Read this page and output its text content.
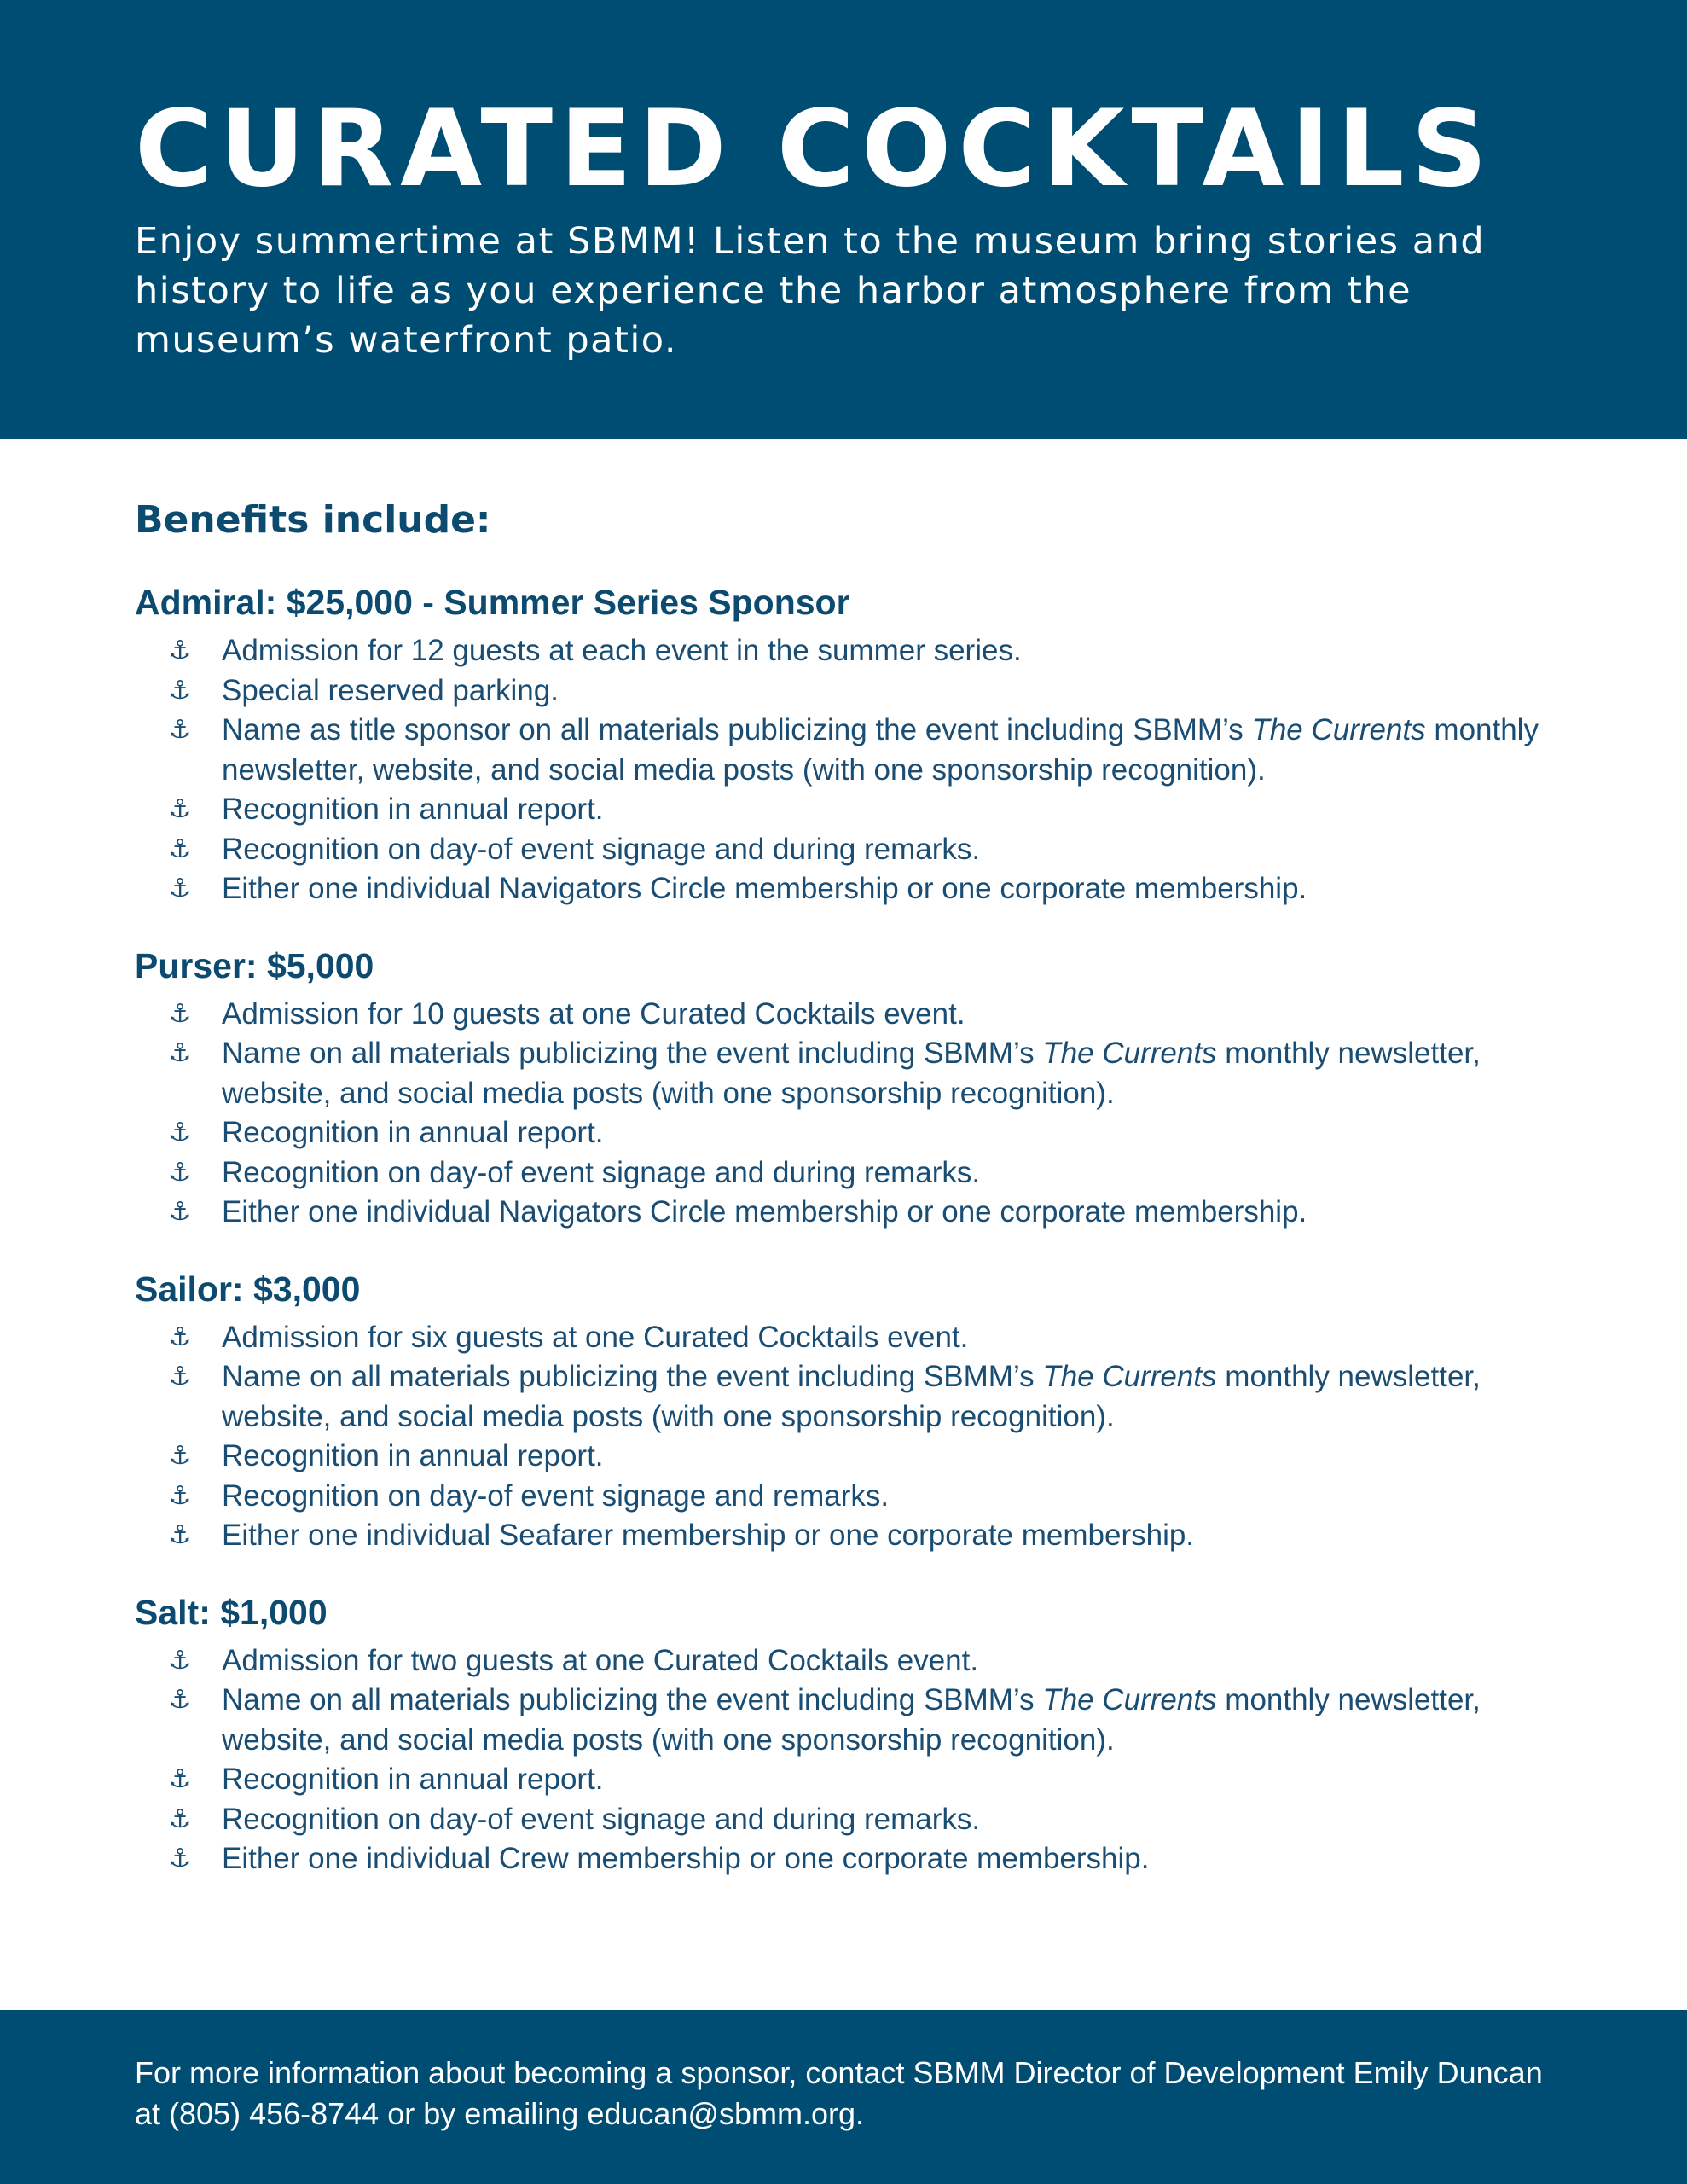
CURATED COCKTAILS

Enjoy summertime at SBMM! Listen to the museum bring stories and history to life as you experience the harbor atmosphere from the museum’s waterfront patio.

Benefits include:
Admiral: $25,000 - Summer Series Sponsor
⚓ Admission for 12 guests at each event in the summer series.
⚓ Special reserved parking.
⚓ Name as title sponsor on all materials publicizing the event including SBMM’s The Currents monthly newsletter, website, and social media posts (with one sponsorship recognition).
⚓ Recognition in annual report.
⚓ Recognition on day-of event signage and during remarks.
⚓ Either one individual Navigators Circle membership or one corporate membership.
Purser: $5,000
⚓ Admission for 10 guests at one Curated Cocktails event.
⚓ Name on all materials publicizing the event including SBMM’s The Currents monthly newsletter, website, and social media posts (with one sponsorship recognition).
⚓ Recognition in annual report.
⚓ Recognition on day-of event signage and during remarks.
⚓ Either one individual Navigators Circle membership or one corporate membership.
Sailor: $3,000
⚓ Admission for six guests at one Curated Cocktails event.
⚓ Name on all materials publicizing the event including SBMM’s The Currents monthly newsletter, website, and social media posts (with one sponsorship recognition).
⚓ Recognition in annual report.
⚓ Recognition on day-of event signage and remarks.
⚓ Either one individual Seafarer membership or one corporate membership.
Salt: $1,000
⚓ Admission for two guests at one Curated Cocktails event.
⚓ Name on all materials publicizing the event including SBMM’s The Currents monthly newsletter, website, and social media posts (with one sponsorship recognition).
⚓ Recognition in annual report.
⚓ Recognition on day-of event signage and during remarks.
⚓ Either one individual Crew membership or one corporate membership.

For more information about becoming a sponsor, contact SBMM Director of Development Emily Duncan at (805) 456-8744 or by emailing educan@sbmm.org.
